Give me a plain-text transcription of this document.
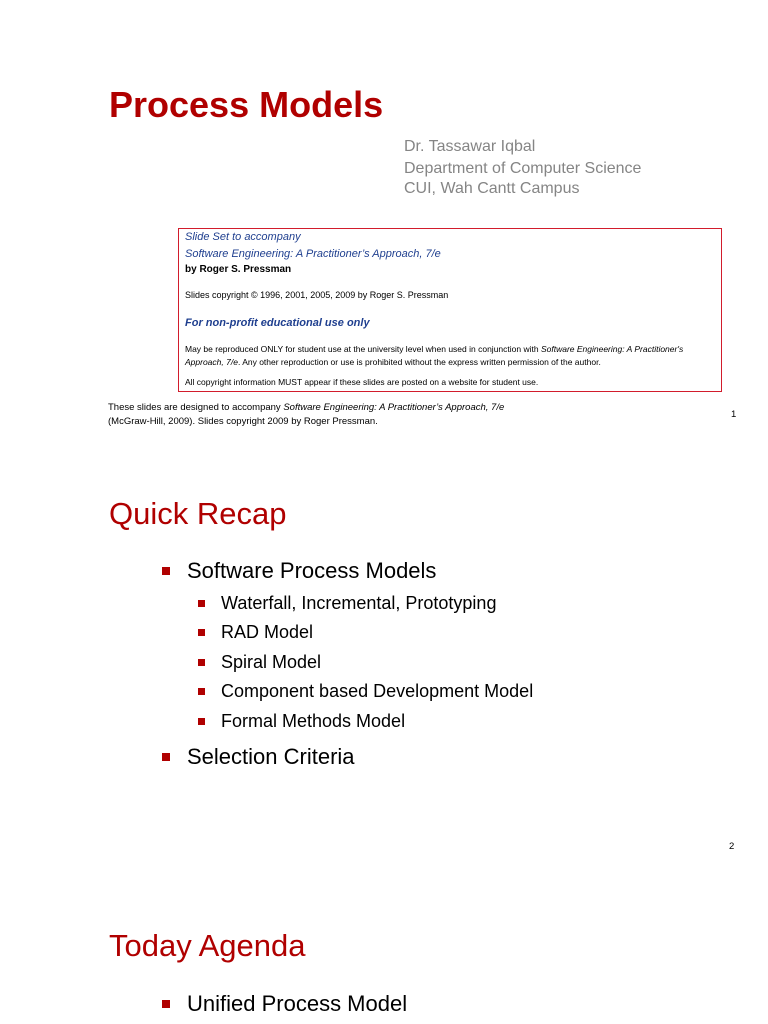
Process Models
Dr. Tassawar Iqbal
Department of Computer Science
CUI, Wah Cantt Campus
Slide Set to accompany
Software Engineering: A Practitioner’s Approach, 7/e
by Roger S. Pressman
Slides copyright © 1996, 2001, 2005, 2009 by Roger S. Pressman
For non-profit educational use only
May be reproduced ONLY for student use at the university level when used in conjunction with Software Engineering: A Practitioner's Approach, 7/e. Any other reproduction or use is prohibited without the express written permission of the author.
All copyright information MUST appear if these slides are posted on a website for student use.
These slides are designed to accompany Software Engineering: A Practitioner’s Approach, 7/e
(McGraw-Hill, 2009). Slides copyright 2009 by Roger Pressman.
1
Quick Recap
Software Process Models
Waterfall, Incremental, Prototyping
RAD Model
Spiral Model
Component based Development Model
Formal Methods Model
Selection Criteria
2
Today Agenda
Unified Process Model
